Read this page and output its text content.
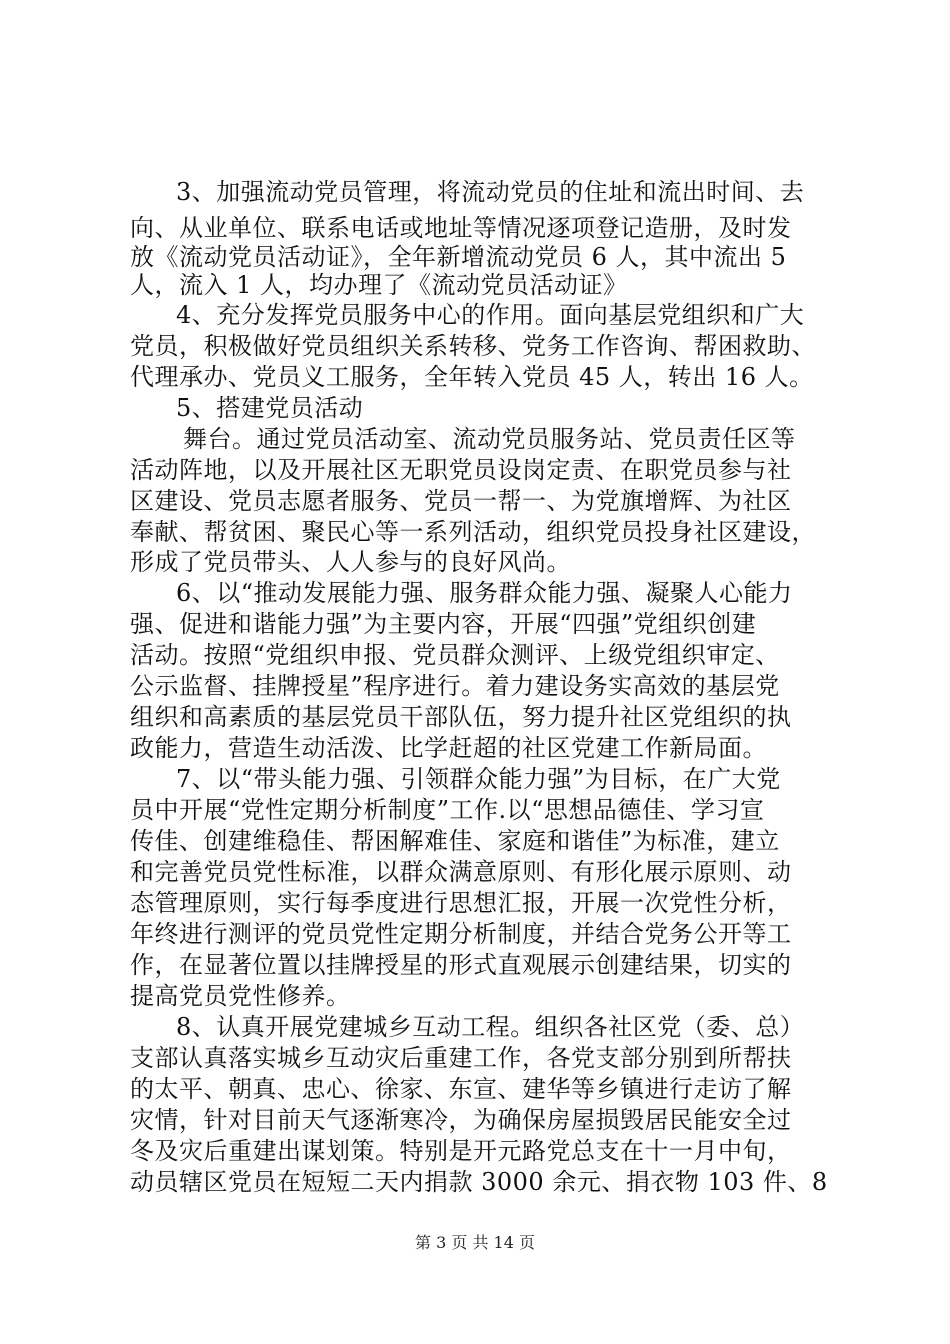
3、加强流动党员管理，将流动党员的住址和流出时间、去
向、从业单位、联系电话或地址等情况逐项登记造册，及时发
放《流动党员活动证》，全年新增流动党员 6 人，其中流出 5
人，流入 1 人，均办理了《流动党员活动证》
4、充分发挥党员服务中心的作用。面向基层党组织和广大
党员，积极做好党员组织关系转移、党务工作咨询、帮困救助、
代理承办、党员义工服务，全年转入党员 45 人，转出 16 人。
5、搭建党员活动
舞台。通过党员活动室、流动党员服务站、党员责任区等
活动阵地，以及开展社区无职党员设岗定责、在职党员参与社
区建设、党员志愿者服务、党员一帮一、为党旗增辉、为社区
奉献、帮贫困、聚民心等一系列活动，组织党员投身社区建设，
形成了党员带头、人人参与的良好风尚。
6、以“推动发展能力强、服务群众能力强、凝聚人心能力
强、促进和谐能力强”为主要内容，开展“四强”党组织创建
活动。按照“党组织申报、党员群众测评、上级党组织审定、
公示监督、挂牌授星”程序进行。着力建设务实高效的基层党
组织和高素质的基层党员干部队伍，努力提升社区党组织的执
政能力，营造生动活泼、比学赶超的社区党建工作新局面。
7、以“带头能力强、引领群众能力强”为目标，在广大党
员中开展“党性定期分析制度”工作.以“思想品德佳、学习宣
传佳、创建维稳佳、帮困解难佳、家庭和谐佳”为标准，建立
和完善党员党性标准，以群众满意原则、有形化展示原则、动
态管理原则，实行每季度进行思想汇报，开展一次党性分析，
年终进行测评的党员党性定期分析制度，并结合党务公开等工
作，在显著位置以挂牌授星的形式直观展示创建结果，切实的
提高党员党性修养。
8、认真开展党建城乡互动工程。组织各社区党（委、总）
支部认真落实城乡互动灾后重建工作，各党支部分别到所帮扶
的太平、朝真、忠心、徐家、东宣、建华等乡镇进行走访了解
灾情，针对目前天气逐渐寒冷，为确保房屋损毁居民能安全过
冬及灾后重建出谋划策。特别是开元路党总支在十一月中旬，
动员辖区党员在短短二天内捐款 3000 余元、捐衣物 103 件、8
第 3 页 共 14 页
